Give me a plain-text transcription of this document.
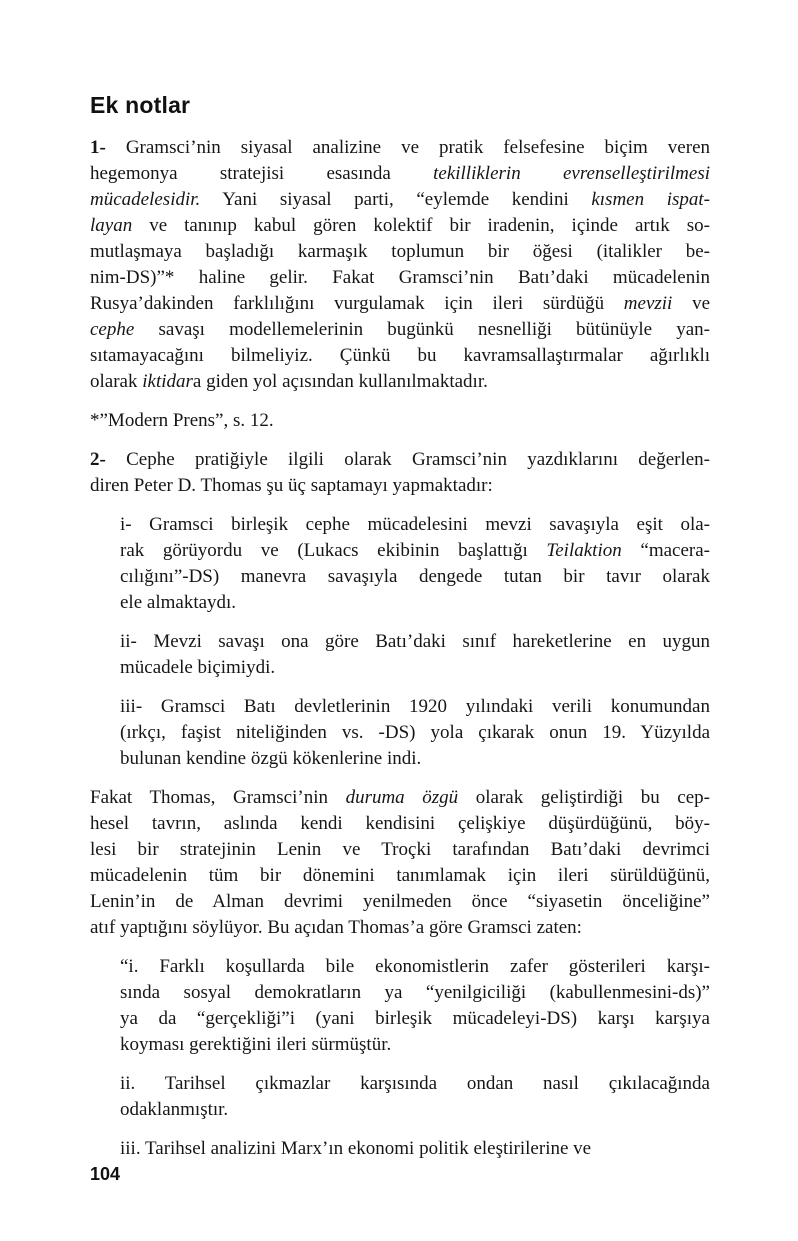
Ek notlar
1- Gramsci’nin siyasal analizine ve pratik felsefesine biçim veren
hegemonya stratejisi esasında tekilliklerin evrenselleştirilmesi
mücadelesidir. Yani siyasal parti, “eylemde kendini kısmen ispat-
layan ve tanınıp kabul gören kolektif bir iradenin, içinde artık so-
mutlaşmaya başladığı karmaşık toplumun bir öğesi (italikler be-
nim-DS)”* haline gelir. Fakat Gramsci’nin Batı’daki mücadelenin
Rusya’dakinden farklılığını vurgulamak için ileri sürdüğü mevzii ve
cephe savaşı modellemelerinin bugünkü nesnelliği bütünüyle yan-
sıtamayacağını bilmeliyiz. Çünkü bu kavramsallaştırmalar ağırlıklı
olarak iktidara giden yol açısından kullanılmaktadır.
*”Modern Prens”, s. 12.
2- Cephe pratiğiyle ilgili olarak Gramsci’nin yazdıklarını değerlen-
diren Peter D. Thomas şu üç saptamayı yapmaktadır:
i- Gramsci birleşik cephe mücadelesini mevzi savaşıyla eşit ola-
rak görüyordu ve (Lukacs ekibinin başlattığı Teilaktion “macera-
cılığını”-DS) manevra savaşıyla dengede tutan bir tavır olarak
ele almaktaydı.
ii- Mevzi savaşı ona göre Batı’daki sınıf hareketlerine en uygun
mücadele biçimiydi.
iii- Gramsci Batı devletlerinin 1920 yılındaki verili konumundan
(ırkçı, faşist niteliğinden vs. -DS) yola çıkarak onun 19. Yüzyılda
bulunan kendine özgü kökenlerine indi.
Fakat Thomas, Gramsci’nin duruma özgü olarak geliştirdiği bu cep-
hesel tavrın, aslında kendi kendisini çelişkiye düşürdüğünü, böy-
lesi bir stratejinin Lenin ve Troçki tarafından Batı’daki devrimci
mücadelenin tüm bir dönemini tanımlamak için ileri sürüldüğünü,
Lenin’in de Alman devrimi yenilmeden önce “siyasetin önceliğine”
atıf yaptığını söylüyor. Bu açıdan Thomas’a göre Gramsci zaten:
“i. Farklı koşullarda bile ekonomistlerin zafer gösterileri karşı-
sında sosyal demokratların ya “yenilgiciliği (kabullenmesini-ds)”
ya da “gerçekliği”i (yani birleşik mücadeleyi-DS) karşı karşıya
koyması gerektiğini ileri sürmüştür.
ii. Tarihsel çıkmazlar karşısında ondan nasıl çıkılacağında
odaklanmıştır.
iii. Tarihsel analizini Marx’ın ekonomi politik eleştirilerine ve
104
